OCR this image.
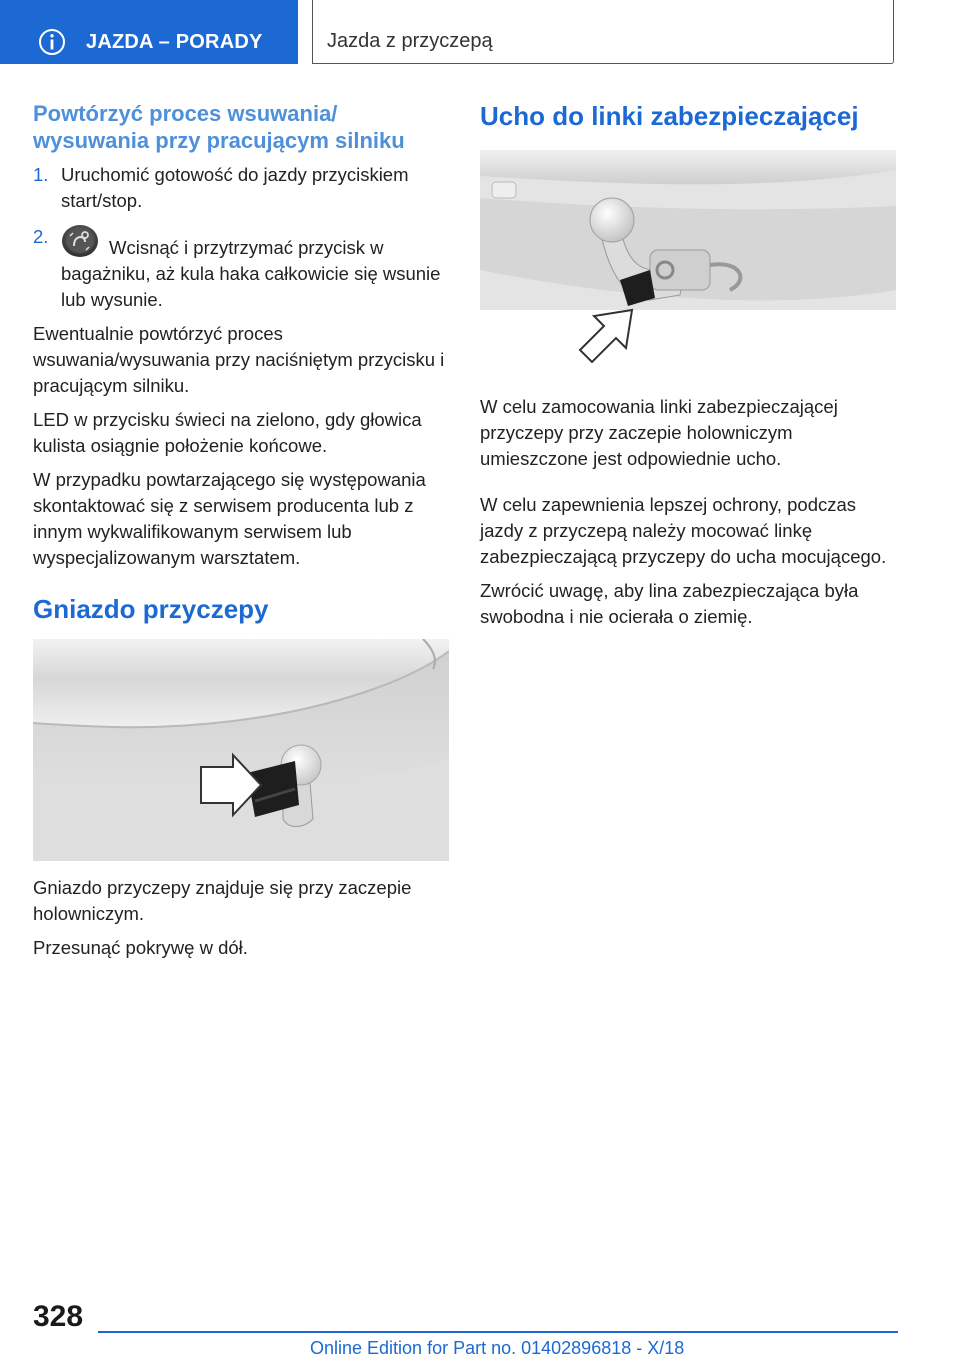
JAZDA – PORADY	Jazda z przyczepą
Powtórzyć proces wsuwania/ wysuwania przy pracującym silniku
1. Uruchomić gotowość do jazdy przyciskiem start/stop.
2.
Wcisnąć i przytrzymać przycisk w bagażniku, aż kula haka całkowicie się wsunie lub wysunie.

Ewentualnie powtórzyć proces wsuwania/wysuwania przy naciśniętym przycisku i pracującym silniku.

LED w przycisku świeci na zielono, gdy głowica kulista osiągnie położenie końcowe.

W przypadku powtarzającego się występowania skontaktować się z serwisem producenta lub z innym wykwalifikowanym serwisem lub wyspecjalizowanym warsztatem.

Gniazdo przyczepy

Gniazdo przyczepy znajduje się przy zaczepie holowniczym.

Przesunąć pokrywę w dół.

Ucho do linki zabezpieczającej

W celu zamocowania linki zabezpieczającej przyczepy przy zaczepie holowniczym umieszczone jest odpowiednie ucho.

W celu zapewnienia lepszej ochrony, podczas jazdy z przyczepą należy mocować linkę zabezpieczającą przyczepy do ucha mocującego.

Zwrócić uwagę, aby lina zabezpieczająca była swobodna i nie ocierała o ziemię.

328
Online Edition for Part no. 01402896818 - X/18
